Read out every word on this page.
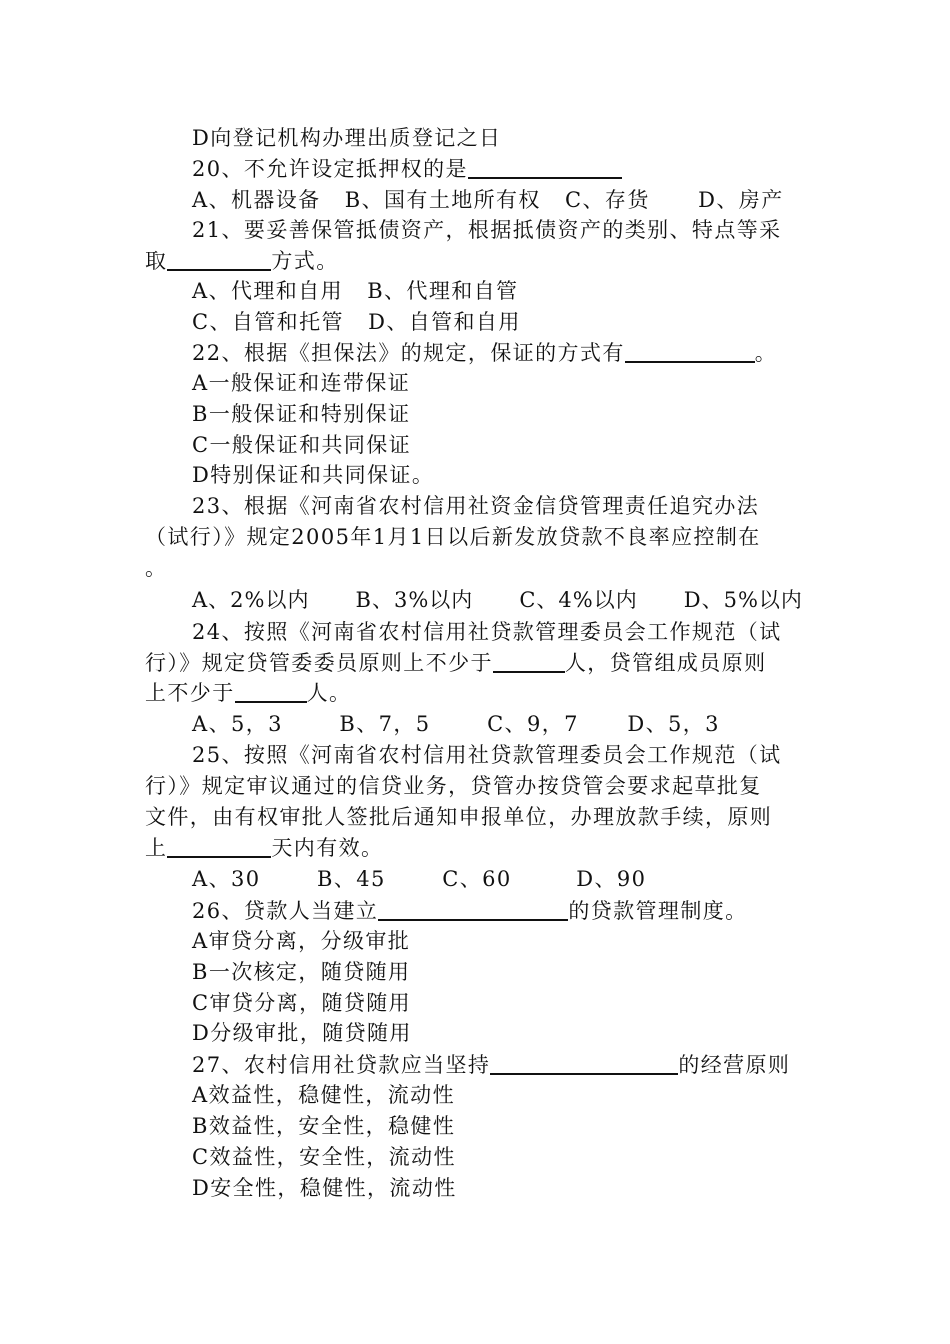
D向登记机构办理出质登记之日
20、不允许设定抵押权的是
A、机器设备   B、国有土地所有权   C、存货      D、房产
21、要妥善保管抵债资产，根据抵债资产的类别、特点等采
取	方式。
A、代理和自用   B、代理和自管
C、自管和托管   D、自管和自用
22、根据《担保法》的规定，保证的方式有	。
A一般保证和连带保证
B一般保证和特别保证
C一般保证和共同保证
D特别保证和共同保证。
23、根据《河南省农村信用社资金信贷管理责任追究办法
（试行）》规定2005年1月1日以后新发放贷款不良率应控制在
。
A、2%以内      B、3%以内      C、4%以内      D、5%以内
24、按照《河南省农村信用社贷款管理委员会工作规范（试
行）》规定贷管委委员原则上不少于	人，贷管组成员原则
上不少于	人。
A、5，3       B、7，5       C、9，7      D、5，3
25、按照《河南省农村信用社贷款管理委员会工作规范（试
行）》规定审议通过的信贷业务，贷管办按贷管会要求起草批复
文件，由有权审批人签批后通知申报单位，办理放款手续，原则
上	天内有效。
A、30       B、45       C、60        D、90
26、贷款人当建立	的贷款管理制度。
A审贷分离，分级审批
B一次核定，随贷随用
C审贷分离，随贷随用
D分级审批，随贷随用
27、农村信用社贷款应当坚持	的经营原则
A效益性，稳健性，流动性
B效益性，安全性，稳健性
C效益性，安全性，流动性
D安全性，稳健性，流动性
